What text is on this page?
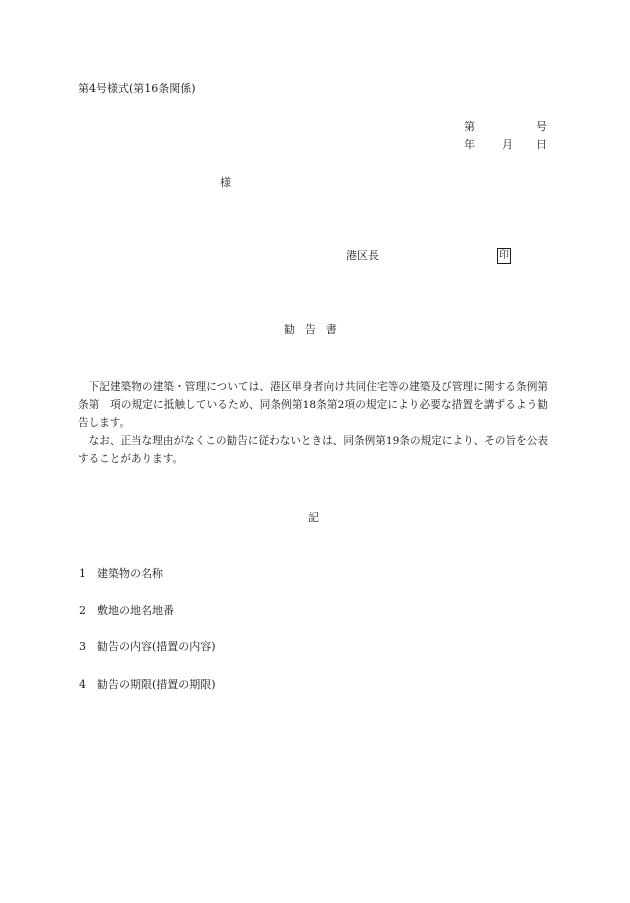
第4号様式(第16条関係)
第	号
年 月 日
様
港区長	印
勧告書

下記建築物の建築・管理については、港区単身者向け共同住宅等の建築及び管理に関する条例第　条第　項の規定に抵触しているため、同条例第18条第2項の規定により必要な措置を講ずるよう勧告します。

なお、正当な理由がなくこの勧告に従わないときは、同条例第19条の規定により、その旨を公表することがあります。

記
1 建築物の名称
2 敷地の地名地番
3 勧告の内容(措置の内容)
4 勧告の期限(措置の期限)
